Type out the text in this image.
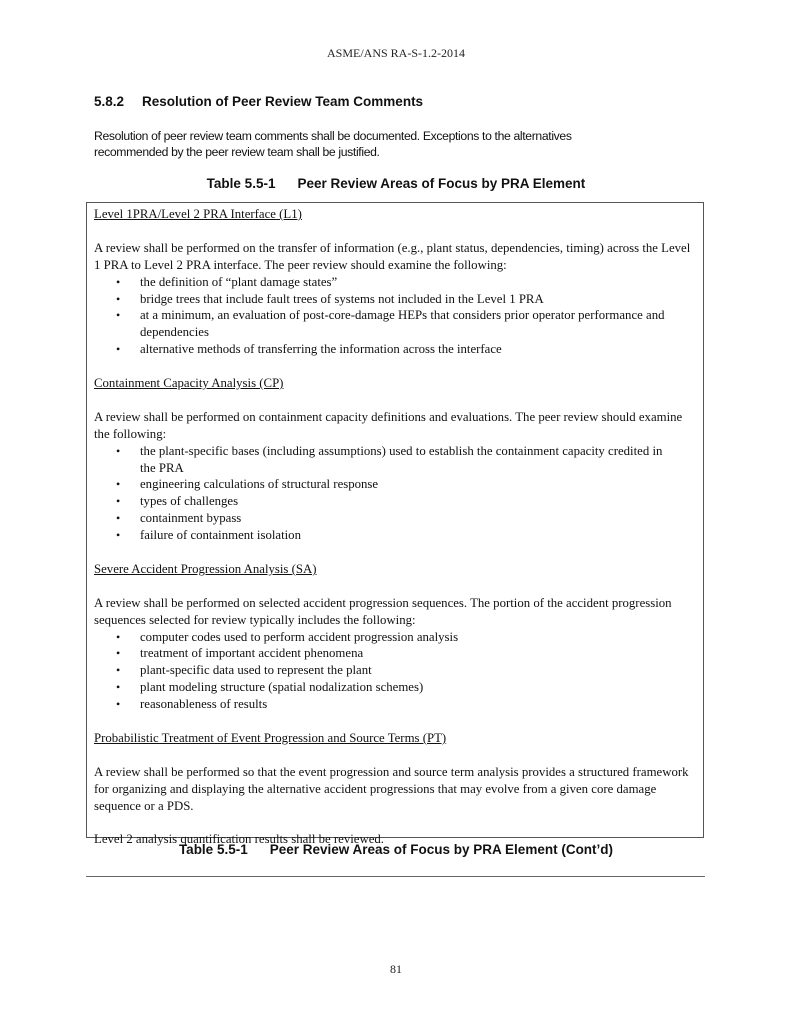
ASME/ANS RA-S-1.2-2014
5.8.2 Resolution of Peer Review Team Comments
Resolution of peer review team comments shall be documented. Exceptions to the alternatives
recommended by the peer review team shall be justified.
Table 5.5-1 Peer Review Areas of Focus by PRA Element

Level 1PRA/Level 2 PRA Interface (L1)

A review shall be performed on the transfer of information (e.g., plant status, dependencies, timing) across the Level 1 PRA to Level 2 PRA interface. The peer review should examine the following:

• the definition of “plant damage states”
• bridge trees that include fault trees of systems not included in the Level 1 PRA
• at a minimum, an evaluation of post-core-damage HEPs that considers prior operator performance and dependencies
• alternative methods of transferring the information across the interface

Containment Capacity Analysis (CP)

A review shall be performed on containment capacity definitions and evaluations. The peer review should examine the following:

• the plant-specific bases (including assumptions) used to establish the containment capacity credited in the PRA
• engineering calculations of structural response
• types of challenges
• containment bypass
• failure of containment isolation

Severe Accident Progression Analysis (SA)

A review shall be performed on selected accident progression sequences. The portion of the accident progression sequences selected for review typically includes the following:

• computer codes used to perform accident progression analysis
• treatment of important accident phenomena
• plant-specific data used to represent the plant
• plant modeling structure (spatial nodalization schemes)
• reasonableness of results

Probabilistic Treatment of Event Progression and Source Terms (PT)

A review shall be performed so that the event progression and source term analysis provides a structured framework for organizing and displaying the alternative accident progressions that may evolve from a given core damage sequence or a PDS.

Level 2 analysis quantification results shall be reviewed.

Table 5.5-1 Peer Review Areas of Focus by PRA Element (Cont’d)
81
